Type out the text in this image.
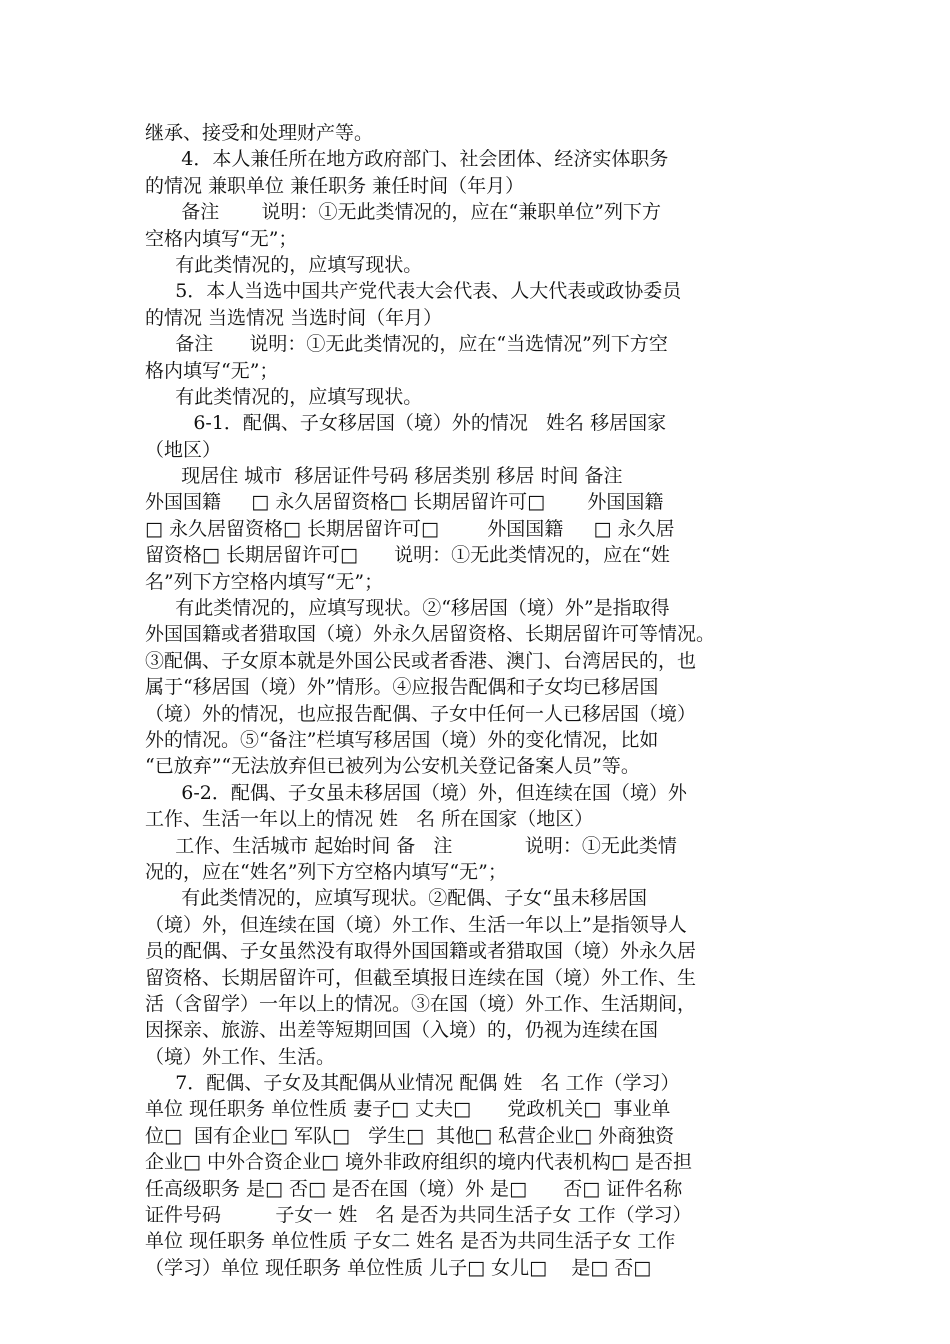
继承、接受和处理财产等。
4．本人兼任所在地方政府部门、社会团体、经济实体职务
的情况 兼职单位 兼任职务 兼任时间（年月）
备注       说明：①无此类情况的，应在“兼职单位”列下方
空格内填写“无”；
有此类情况的，应填写现状。
5．本人当选中国共产党代表大会代表、人大代表或政协委员
的情况 当选情况 当选时间（年月）
备注      说明：①无此类情况的，应在“当选情况”列下方空
格内填写“无”；
有此类情况的，应填写现状。
6-1．配偶、子女移居国（境）外的情况   姓名 移居国家
（地区）
现居住 城市  移居证件号码 移居类别 移居 时间 备注
外国国籍     □ 永久居留资格□ 长期居留许可□       外国国籍
□ 永久居留资格□ 长期居留许可□        外国国籍     □ 永久居
留资格□ 长期居留许可□      说明：①无此类情况的，应在“姓
名”列下方空格内填写“无”；
有此类情况的，应填写现状。②“移居国（境）外”是指取得
外国国籍或者猎取国（境）外永久居留资格、长期居留许可等情况。
③配偶、子女原本就是外国公民或者香港、澳门、台湾居民的，也
属于“移居国（境）外”情形。④应报告配偶和子女均已移居国
（境）外的情况，也应报告配偶、子女中任何一人已移居国（境）
外的情况。⑤“备注”栏填写移居国（境）外的变化情况，比如
“已放弃”“无法放弃但已被列为公安机关登记备案人员”等。
6-2．配偶、子女虽未移居国（境）外，但连续在国（境）外
工作、生活一年以上的情况 姓   名 所在国家（地区）
工作、生活城市 起始时间 备   注            说明：①无此类情
况的，应在“姓名”列下方空格内填写“无”；
有此类情况的，应填写现状。②配偶、子女“虽未移居国
（境）外，但连续在国（境）外工作、生活一年以上”是指领导人
员的配偶、子女虽然没有取得外国国籍或者猎取国（境）外永久居
留资格、长期居留许可，但截至填报日连续在国（境）外工作、生
活（含留学）一年以上的情况。③在国（境）外工作、生活期间，
因探亲、旅游、出差等短期回国（入境）的，仍视为连续在国
（境）外工作、生活。
7．配偶、子女及其配偶从业情况 配偶 姓   名 工作（学习）
单位 现任职务 单位性质 妻子□ 丈夫□      党政机关□  事业单
位□  国有企业□ 军队□   学生□  其他□ 私营企业□ 外商独资
企业□ 中外合资企业□ 境外非政府组织的境内代表机构□ 是否担
任高级职务 是□ 否□ 是否在国（境）外 是□      否□ 证件名称
证件号码         子女一 姓   名 是否为共同生活子女 工作（学习）
单位 现任职务 单位性质 子女二 姓名 是否为共同生活子女 工作
（学习）单位 现任职务 单位性质 儿子□ 女儿□    是□ 否□
